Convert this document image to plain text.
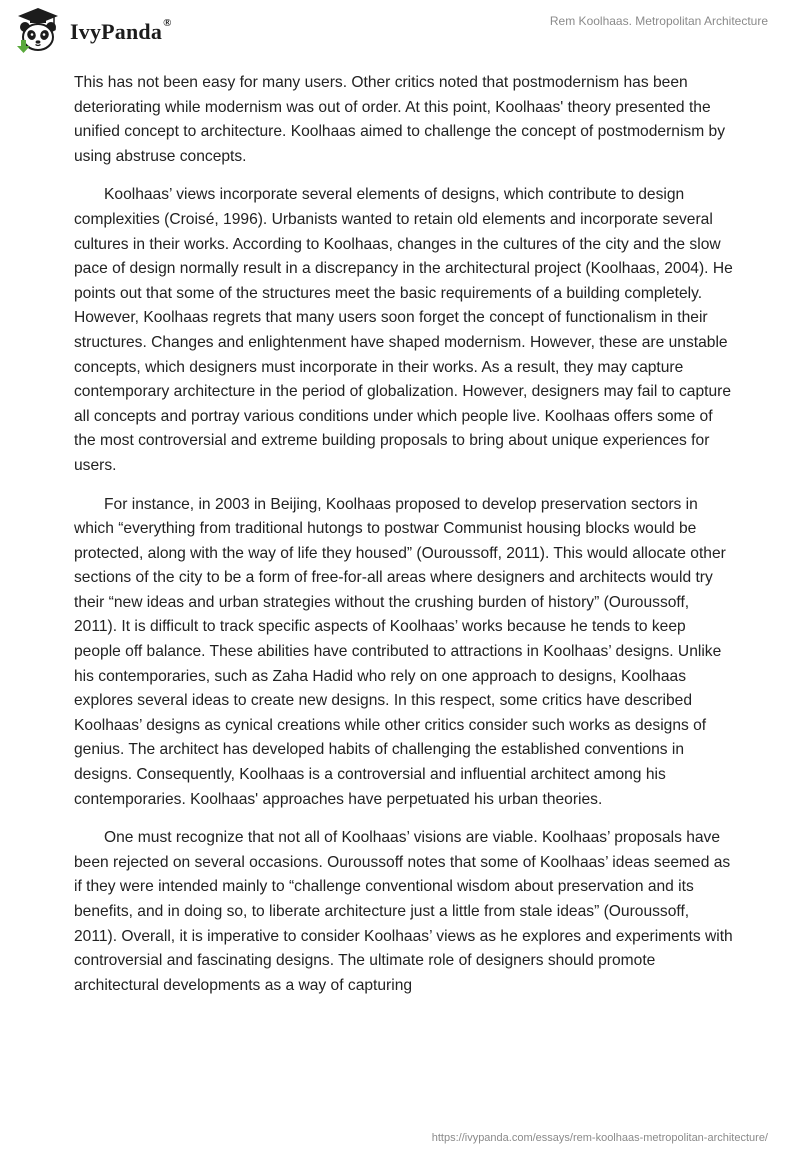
IvyPanda®	Rem Koolhaas. Metropolitan Architecture

This has not been easy for many users. Other critics noted that postmodernism has been deteriorating while modernism was out of order. At this point, Koolhaas' theory presented the unified concept to architecture. Koolhaas aimed to challenge the concept of postmodernism by using abstruse concepts.

Koolhaas’ views incorporate several elements of designs, which contribute to design complexities (Croisé, 1996). Urbanists wanted to retain old elements and incorporate several cultures in their works. According to Koolhaas, changes in the cultures of the city and the slow pace of design normally result in a discrepancy in the architectural project (Koolhaas, 2004). He points out that some of the structures meet the basic requirements of a building completely. However, Koolhaas regrets that many users soon forget the concept of functionalism in their structures. Changes and enlightenment have shaped modernism. However, these are unstable concepts, which designers must incorporate in their works. As a result, they may capture contemporary architecture in the period of globalization. However, designers may fail to capture all concepts and portray various conditions under which people live. Koolhaas offers some of the most controversial and extreme building proposals to bring about unique experiences for users.

For instance, in 2003 in Beijing, Koolhaas proposed to develop preservation sectors in which “everything from traditional hutongs to postwar Communist housing blocks would be protected, along with the way of life they housed” (Ouroussoff, 2011). This would allocate other sections of the city to be a form of free-for-all areas where designers and architects would try their “new ideas and urban strategies without the crushing burden of history” (Ouroussoff, 2011). It is difficult to track specific aspects of Koolhaas’ works because he tends to keep people off balance. These abilities have contributed to attractions in Koolhaas’ designs. Unlike his contemporaries, such as Zaha Hadid who rely on one approach to designs, Koolhaas explores several ideas to create new designs. In this respect, some critics have described Koolhaas’ designs as cynical creations while other critics consider such works as designs of genius. The architect has developed habits of challenging the established conventions in designs. Consequently, Koolhaas is a controversial and influential architect among his contemporaries. Koolhaas' approaches have perpetuated his urban theories.

One must recognize that not all of Koolhaas’ visions are viable. Koolhaas’ proposals have been rejected on several occasions. Ouroussoff notes that some of Koolhaas’ ideas seemed as if they were intended mainly to “challenge conventional wisdom about preservation and its benefits, and in doing so, to liberate architecture just a little from stale ideas” (Ouroussoff, 2011). Overall, it is imperative to consider Koolhaas’ views as he explores and experiments with controversial and fascinating designs. The ultimate role of designers should promote architectural developments as a way of capturing

https://ivypanda.com/essays/rem-koolhaas-metropolitan-architecture/
